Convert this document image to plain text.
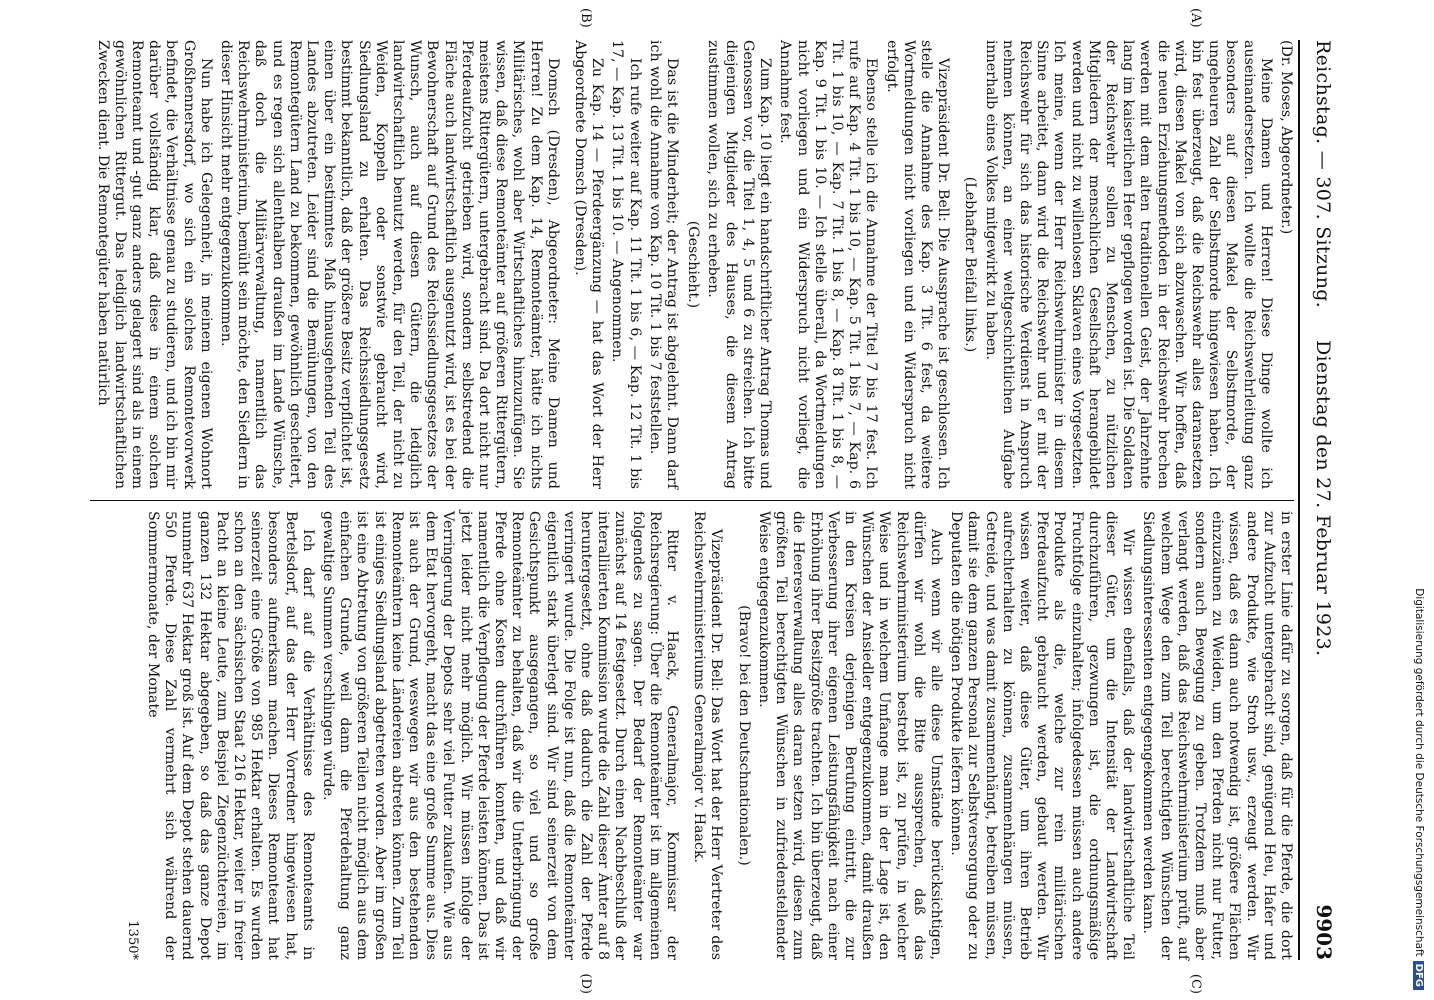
Reichstag. — 307. Sitzung.
Dienstag den 27. Februar 1923.
9903
(A)
(B)

(Dr. Moses, Abgeordneter.)

Meine Damen und Herren! Diese Dinge wollte ich auseinandersetzen. Ich wollte die Reichswehrleitung ganz besonders auf diesen Makel der Selbstmorde, der ungeheuren Zahl der Selbstmorde hingewiesen haben. Ich bin fest überzeugt, daß die Reichswehr alles daransetzen wird, diesen Makel von sich abzuwaschen. Wir hoffen, daß die neuen Erziehungsmethoden in der Reichswehr brechen werden mit dem alten traditionellen Geist, der Jahrzehnte lang im kaiserlichen Heer gepflogen worden ist. Die Soldaten der Reichswehr sollen zu Menschen, zu nützlichen Mitgliedern der menschlichen Gesellschaft herangebildet werden und nicht zu willenlosen Sklaven eines Vorgesetzten. Ich meine, wenn der Herr Reichswehrminister in diesem Sinne arbeitet, dann wird die Reichswehr und er mit der Reichswehr für sich das historische Verdienst in Anspruch nehmen können, an einer weltgeschichtlichen Aufgabe innerhalb eines Volkes mitgewirkt zu haben.

(Lebhafter Beifall links.)

Vizepräsident Dr. Bell: Die Aussprache ist geschlossen. Ich stelle die Annahme des Kap. 3 Tit. 6 fest, da weitere Wortmeldungen nicht vorliegen und ein Widerspruch nicht erfolgt.

Ebenso stelle ich die Annahme der Titel 7 bis 17 fest. Ich rufe auf Kap. 4 Tit. 1 bis 10, — Kap. 5 Tit. 1 bis 7, — Kap. 6 Tit. 1 bis 10, — Kap. 7 Tit. 1 bis 8, — Kap. 8 Tit. 1 bis 8, — Kap. 9 Tit. 1 bis 10. — Ich stelle überall, da Wortmeldungen nicht vorliegen und ein Widerspruch nicht vorliegt, die Annahme fest.

Zum Kap. 10 liegt ein handschriftlicher Antrag Thomas und Genossen vor, die Titel 1, 4, 5 und 6 zu streichen. Ich bitte diejenigen Mitglieder des Hauses, die diesem Antrag zustimmen wollen, sich zu erheben.

(Geschieht.)

Das ist die Minderheit; der Antrag ist abgelehnt. Dann darf ich wohl die Annahme von Kap. 10 Tit. 1 bis 7 feststellen.

Ich rufe weiter auf Kap. 11 Tit. 1 bis 6, — Kap. 12 Tit. 1 bis 17, — Kap. 13 Tit. 1 bis 10. — Angenommen.

Zu Kap. 14 — Pferdeergänzung — hat das Wort der Herr Abgeordnete Domsch (Dresden).

Domsch (Dresden), Abgeordneter: Meine Damen und Herren! Zu dem Kap. 14, Remonteämter, hätte ich nichts Militärisches, wohl aber Wirtschaftliches hinzuzufügen. Sie wissen, daß diese Remonteämter auf größeren Rittergütern, meistens Rittergütern, untergebracht sind. Da dort nicht nur Pferdeaufzucht getrieben wird, sondern selbstredend die Fläche auch landwirtschaftlich ausgenutzt wird, ist es bei der Bewohnerschaft auf Grund des Reichssiedlungsgesetzes der Wunsch, auch auf diesen Gütern, die lediglich landwirtschaftlich benutzt werden, für den Teil, der nicht zu Weiden, Koppeln oder sonstwie gebraucht wird, Siedlungsland zu erhalten. Das Reichssiedlungsgesetz bestimmt bekanntlich, daß der größere Besitz verpflichtet ist, einen über ein bestimmtes Maß hinausgehenden Teil des Landes abzutreten. Leider sind die Bemühungen, von den Remontegütern Land zu bekommen, gewöhnlich gescheitert, und es regen sich allenthalben draußen im Lande Wünsche, daß doch die Militärverwaltung, namentlich das Reichswehrministerium, bemüht sein möchte, den Siedlern in dieser Hinsicht mehr entgegenzukommen.

Nun habe ich Gelegenheit, in meinem eigenen Wohnort Großhennersdorf, wo sich ein solches Remontevorwerk befindet, die Verhältnisse genau zu studieren, und ich bin mir darüber vollständig klar, daß diese in einem solchen Remonteamt und -gut ganz anders gelagert sind als in einem gewöhnlichen Rittergut. Das lediglich landwirtschaftlichen Zwecken dient. Die Remontegüter haben natürlich

(C)
(D)

in erster Linie dafür zu sorgen, daß für die Pferde, die dort zur Aufzucht untergebracht sind, genügend Heu, Hafer und andere Produkte, wie Stroh usw., erzeugt werden. Wir wissen, daß es dann auch notwendig ist, größere Flächen einzuzäunen zu Weiden, um den Pferden nicht nur Futter, sondern auch Bewegung zu geben. Trotzdem muß aber verlangt werden, daß das Reichswehrministerium prüft, auf welchem Wege den zum Teil berechtigten Wünschen der Siedlungsinteressenten entgegengekommen werden kann.

Wir wissen ebenfalls, daß der landwirtschaftliche Teil dieser Güter, um die Intensität der Landwirtschaft durchzuführen, gezwungen ist, die ordnungsmäßige Fruchtfolge einzuhalten; infolgedessen müssen auch andere Produkte als die, welche zur rein militärischen Pferdeaufzucht gebraucht werden, gebaut werden. Wir wissen weiter, daß diese Güter, um ihren Betrieb aufrechterhalten zu können, zusammenhängen müssen, Getreide, und was damit zusammenhängt, betreiben müssen, damit sie dem ganzen Personal zur Selbstversorgung oder zu Deputaten die nötigen Produkte liefern können.

Auch wenn wir alle diese Umstände berücksichtigen, dürfen wir wohl die Bitte aussprechen, daß das Reichswehrministerium bestrebt ist, zu prüfen, in welcher Weise und in welchem Umfange man in der Lage ist, den Wünschen der Ansiedler entgegenzukommen, damit draußen in den Kreisen derjenigen Berufung eintritt, die zur Verbesserung ihrer eigenen Leistungsfähigkeit nach einer Erhöhung ihrer Besitzgröße trachten. Ich bin überzeugt, daß die Heeresverwaltung alles daran setzen wird, diesen zum größten Teil berechtigten Wünschen in zufriedenstellender Weise entgegenzukommen.

(Bravo! bei den Deutschnationalen.)

Vizepräsident Dr. Bell: Das Wort hat der Herr Vertreter des Reichswehrministeriums Generalmajor v. Haack.

Ritter v. Haack, Generalmajor, Kommissar der Reichsregierung: Über die Remonteämter ist im allgemeinen folgendes zu sagen. Der Bedarf der Remonteämter war zunächst auf 14 festgesetzt. Durch einen Nachbeschluß der interalliierten Kommission wurde die Zahl dieser Ämter auf 8 heruntergesetzt, ohne daß dadurch die Zahl der Pferde verringert wurde. Die Folge ist nun, daß die Remonteämter eigentlich stark überlegt sind. Wir sind seinerzeit von dem Gesichtspunkt ausgegangen, so viel und so große Remonteämter zu behalten, daß wir die Unterbringung der Pferde ohne Kosten durchführen konnten, und daß wir namentlich die Verpflegung der Pferde leisten können. Das ist jetzt leider nicht mehr möglich. Wir müssen infolge der Verringerung der Depots sehr viel Futter zukaufen. Wie aus dem Etat hervorgeht, macht das eine große Summe aus. Dies ist auch der Grund, weswegen wir aus den bestehenden Remonteämtern keine Ländereien abtreten können. Zum Teil ist einiges Siedlungsland abgetreten worden. Aber im großen ist eine Abtretung von größeren Teilen nicht möglich aus dem einfachen Grunde, weil dann die Pferdehaltung ganz gewaltige Summen verschlingen würde.

Ich darf auf die Verhältnisse des Remonteamts in Bertelsdorf, auf das der Herr Vorredner hingewiesen hat, besonders aufmerksam machen. Dieses Remonteamt hat seinerzeit eine Größe von 985 Hektar erhalten. Es wurden schon an den sächsischen Staat 216 Hektar, weiter in freier Pacht an kleine Leute, zum Beispiel Ziegenzüchtereien, im ganzen 132 Hektar abgegeben, so daß das ganze Depot nunmehr 637 Hektar groß ist. Auf dem Depot stehen dauernd 550 Pferde. Diese Zahl vermehrt sich während der Sommermonate, der Monate

1350*	Digitalisierung gefördert durch die Deutsche ForschungsgemeinschaftDFG
